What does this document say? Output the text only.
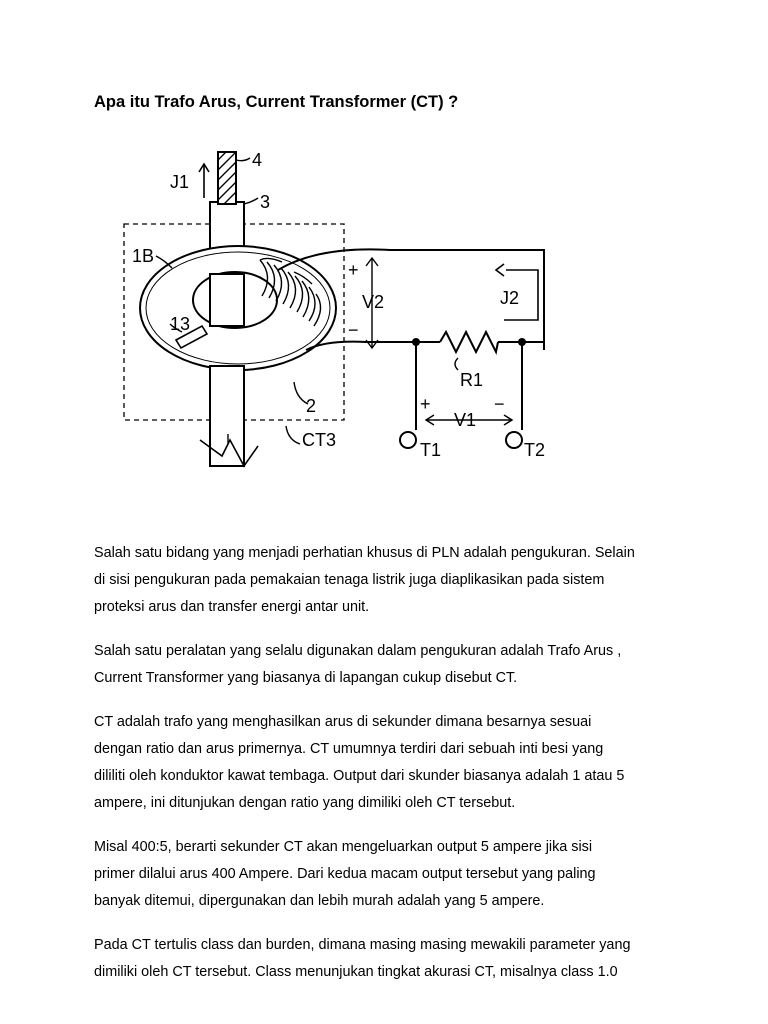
Apa itu Trafo Arus, Current Transformer (CT) ?
J1
4
3
1B
13
2
CT3
+
V2
−
J2
R1
+
V1
−
T1	T2

Salah satu bidang yang menjadi perhatian khusus di PLN adalah pengukuran. Selain
di sisi pengukuran pada pemakaian tenaga listrik juga diaplikasikan pada sistem
proteksi arus dan transfer energi antar unit.

Salah satu peralatan yang selalu digunakan dalam pengukuran adalah Trafo Arus ,
Current Transformer yang biasanya di lapangan cukup disebut CT.

CT adalah trafo yang menghasilkan arus di sekunder dimana besarnya sesuai
dengan ratio dan arus primernya. CT umumnya terdiri dari sebuah inti besi yang
dililiti oleh konduktor kawat tembaga. Output dari skunder biasanya adalah 1 atau 5
ampere, ini ditunjukan dengan ratio yang dimiliki oleh CT tersebut.

Misal 400:5, berarti sekunder CT akan mengeluarkan output 5 ampere jika sisi
primer dilalui arus 400 Ampere. Dari kedua macam output tersebut yang paling
banyak ditemui, dipergunakan dan lebih murah adalah yang 5 ampere.

Pada CT tertulis class dan burden, dimana masing masing mewakili parameter yang
dimiliki oleh CT tersebut. Class menunjukan tingkat akurasi CT, misalnya class 1.0
